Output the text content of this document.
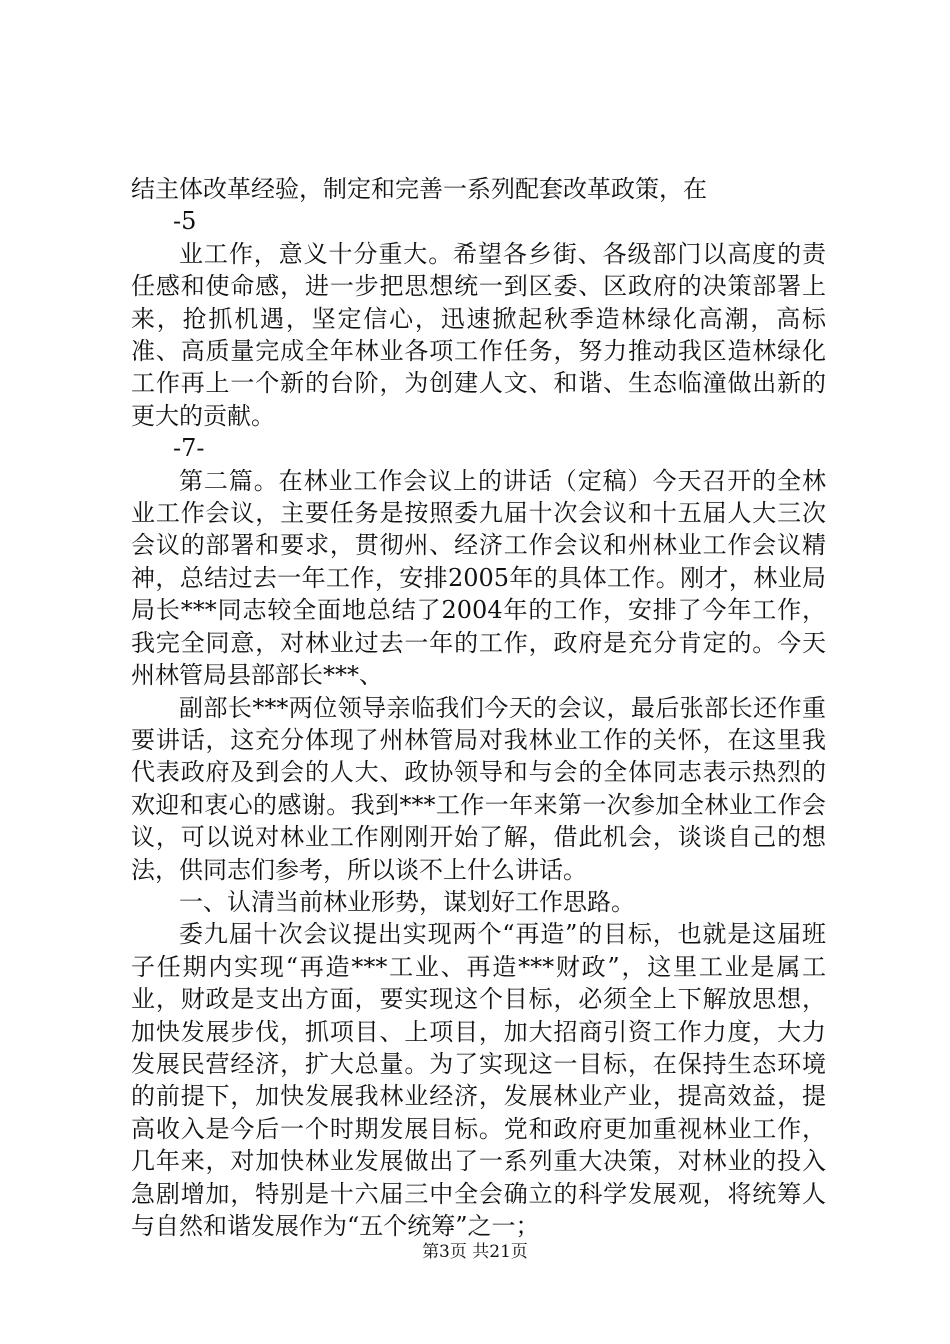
结主体改革经验，制定和完善一系列配套改革政策，在

-5

业工作，意义十分重大。希望各乡街、各级部门以高度的责任感和使命感，进一步把思想统一到区委、区政府的决策部署上来，抢抓机遇，坚定信心，迅速掀起秋季造林绿化高潮，高标准、高质量完成全年林业各项工作任务，努力推动我区造林绿化工作再上一个新的台阶，为创建人文、和谐、生态临潼做出新的更大的贡献。

-7-

第二篇。在林业工作会议上的讲话（定稿）今天召开的全林业工作会议，主要任务是按照委九届十次会议和十五届人大三次会议的部署和要求，贯彻州、经济工作会议和州林业工作会议精神，总结过去一年工作，安排2005年的具体工作。刚才，林业局局长***同志较全面地总结了2004年的工作，安排了今年工作，我完全同意，对林业过去一年的工作，政府是充分肯定的。今天州林管局县部部长***、

副部长***两位领导亲临我们今天的会议，最后张部长还作重要讲话，这充分体现了州林管局对我林业工作的关怀，在这里我代表政府及到会的人大、政协领导和与会的全体同志表示热烈的欢迎和衷心的感谢。我到***工作一年来第一次参加全林业工作会议，可以说对林业工作刚刚开始了解，借此机会，谈谈自己的想法，供同志们参考，所以谈不上什么讲话。

一、认清当前林业形势，谋划好工作思路。

委九届十次会议提出实现两个“再造”的目标，也就是这届班子任期内实现“再造***工业、再造***财政”，这里工业是属工业，财政是支出方面，要实现这个目标，必须全上下解放思想，加快发展步伐，抓项目、上项目，加大招商引资工作力度，大力发展民营经济，扩大总量。为了实现这一目标，在保持生态环境的前提下，加快发展我林业经济，发展林业产业，提高效益，提高收入是今后一个时期发展目标。党和政府更加重视林业工作，几年来，对加快林业发展做出了一系列重大决策，对林业的投入急剧增加，特别是十六届三中全会确立的科学发展观，将统筹人与自然和谐发展作为“五个统筹”之一；

第3页 共21页
